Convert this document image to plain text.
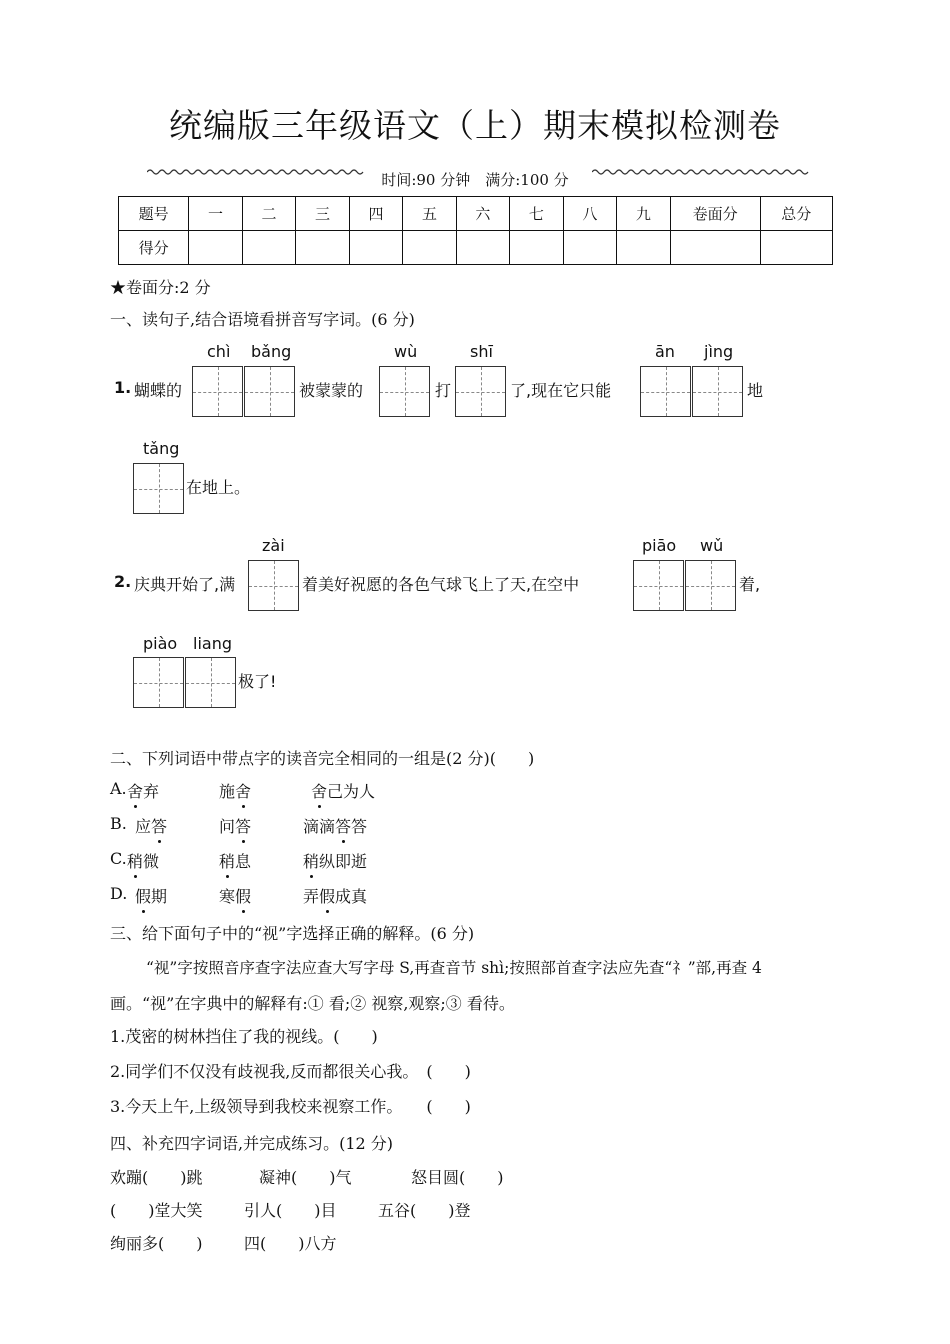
统编版三年级语文（上）期末模拟检测卷
时间:90 分钟　满分:100 分
题号	一	二	三	四	五	六	七	八	九	卷面分	总分
得分											
★卷面分:2 分
一、读句子,结合语境看拼音写字词。(6 分)
chì bǎng	wù	shī	ān jìng
1. 蝴蝶的	被蒙蒙的	打	了,现在它只能	地
tǎng
在地上。
zài	piāo wǔ
2. 庆典开始了,满	着美好祝愿的各色气球飞上了天,在空中	着,
piào liang
极了!
二、下列词语中带点字的读音完全相同的一组是(2 分)(　　)
A. 舍弃	施舍	舍己为人
B. 应答	问答	滴滴答答
C. 稍微	稍息	稍纵即逝
D. 假期	寒假	弄假成真
三、给下面句子中的“视”字选择正确的解释。(6 分)
“视”字按照音序查字法应查大写字母 S,再查音节 shì;按照部首查字法应先查“礻”部,再查 4
画。“视”在字典中的解释有:① 看;② 视察,观察;③ 看待。
1.茂密的树林挡住了我的视线。(　　)
2.同学们不仅没有歧视我,反而都很关心我。　(　　)
3.今天上午,上级领导到我校来视察工作。　　(　　)
四、补充四字词语,并完成练习。(12 分)
欢蹦(　　)跳	凝神(　　)气	怒目圆(　　)
(　　)堂大笑	引人(　　)目	五谷(　　)登
绚丽多(　　)	四(　　)八方
